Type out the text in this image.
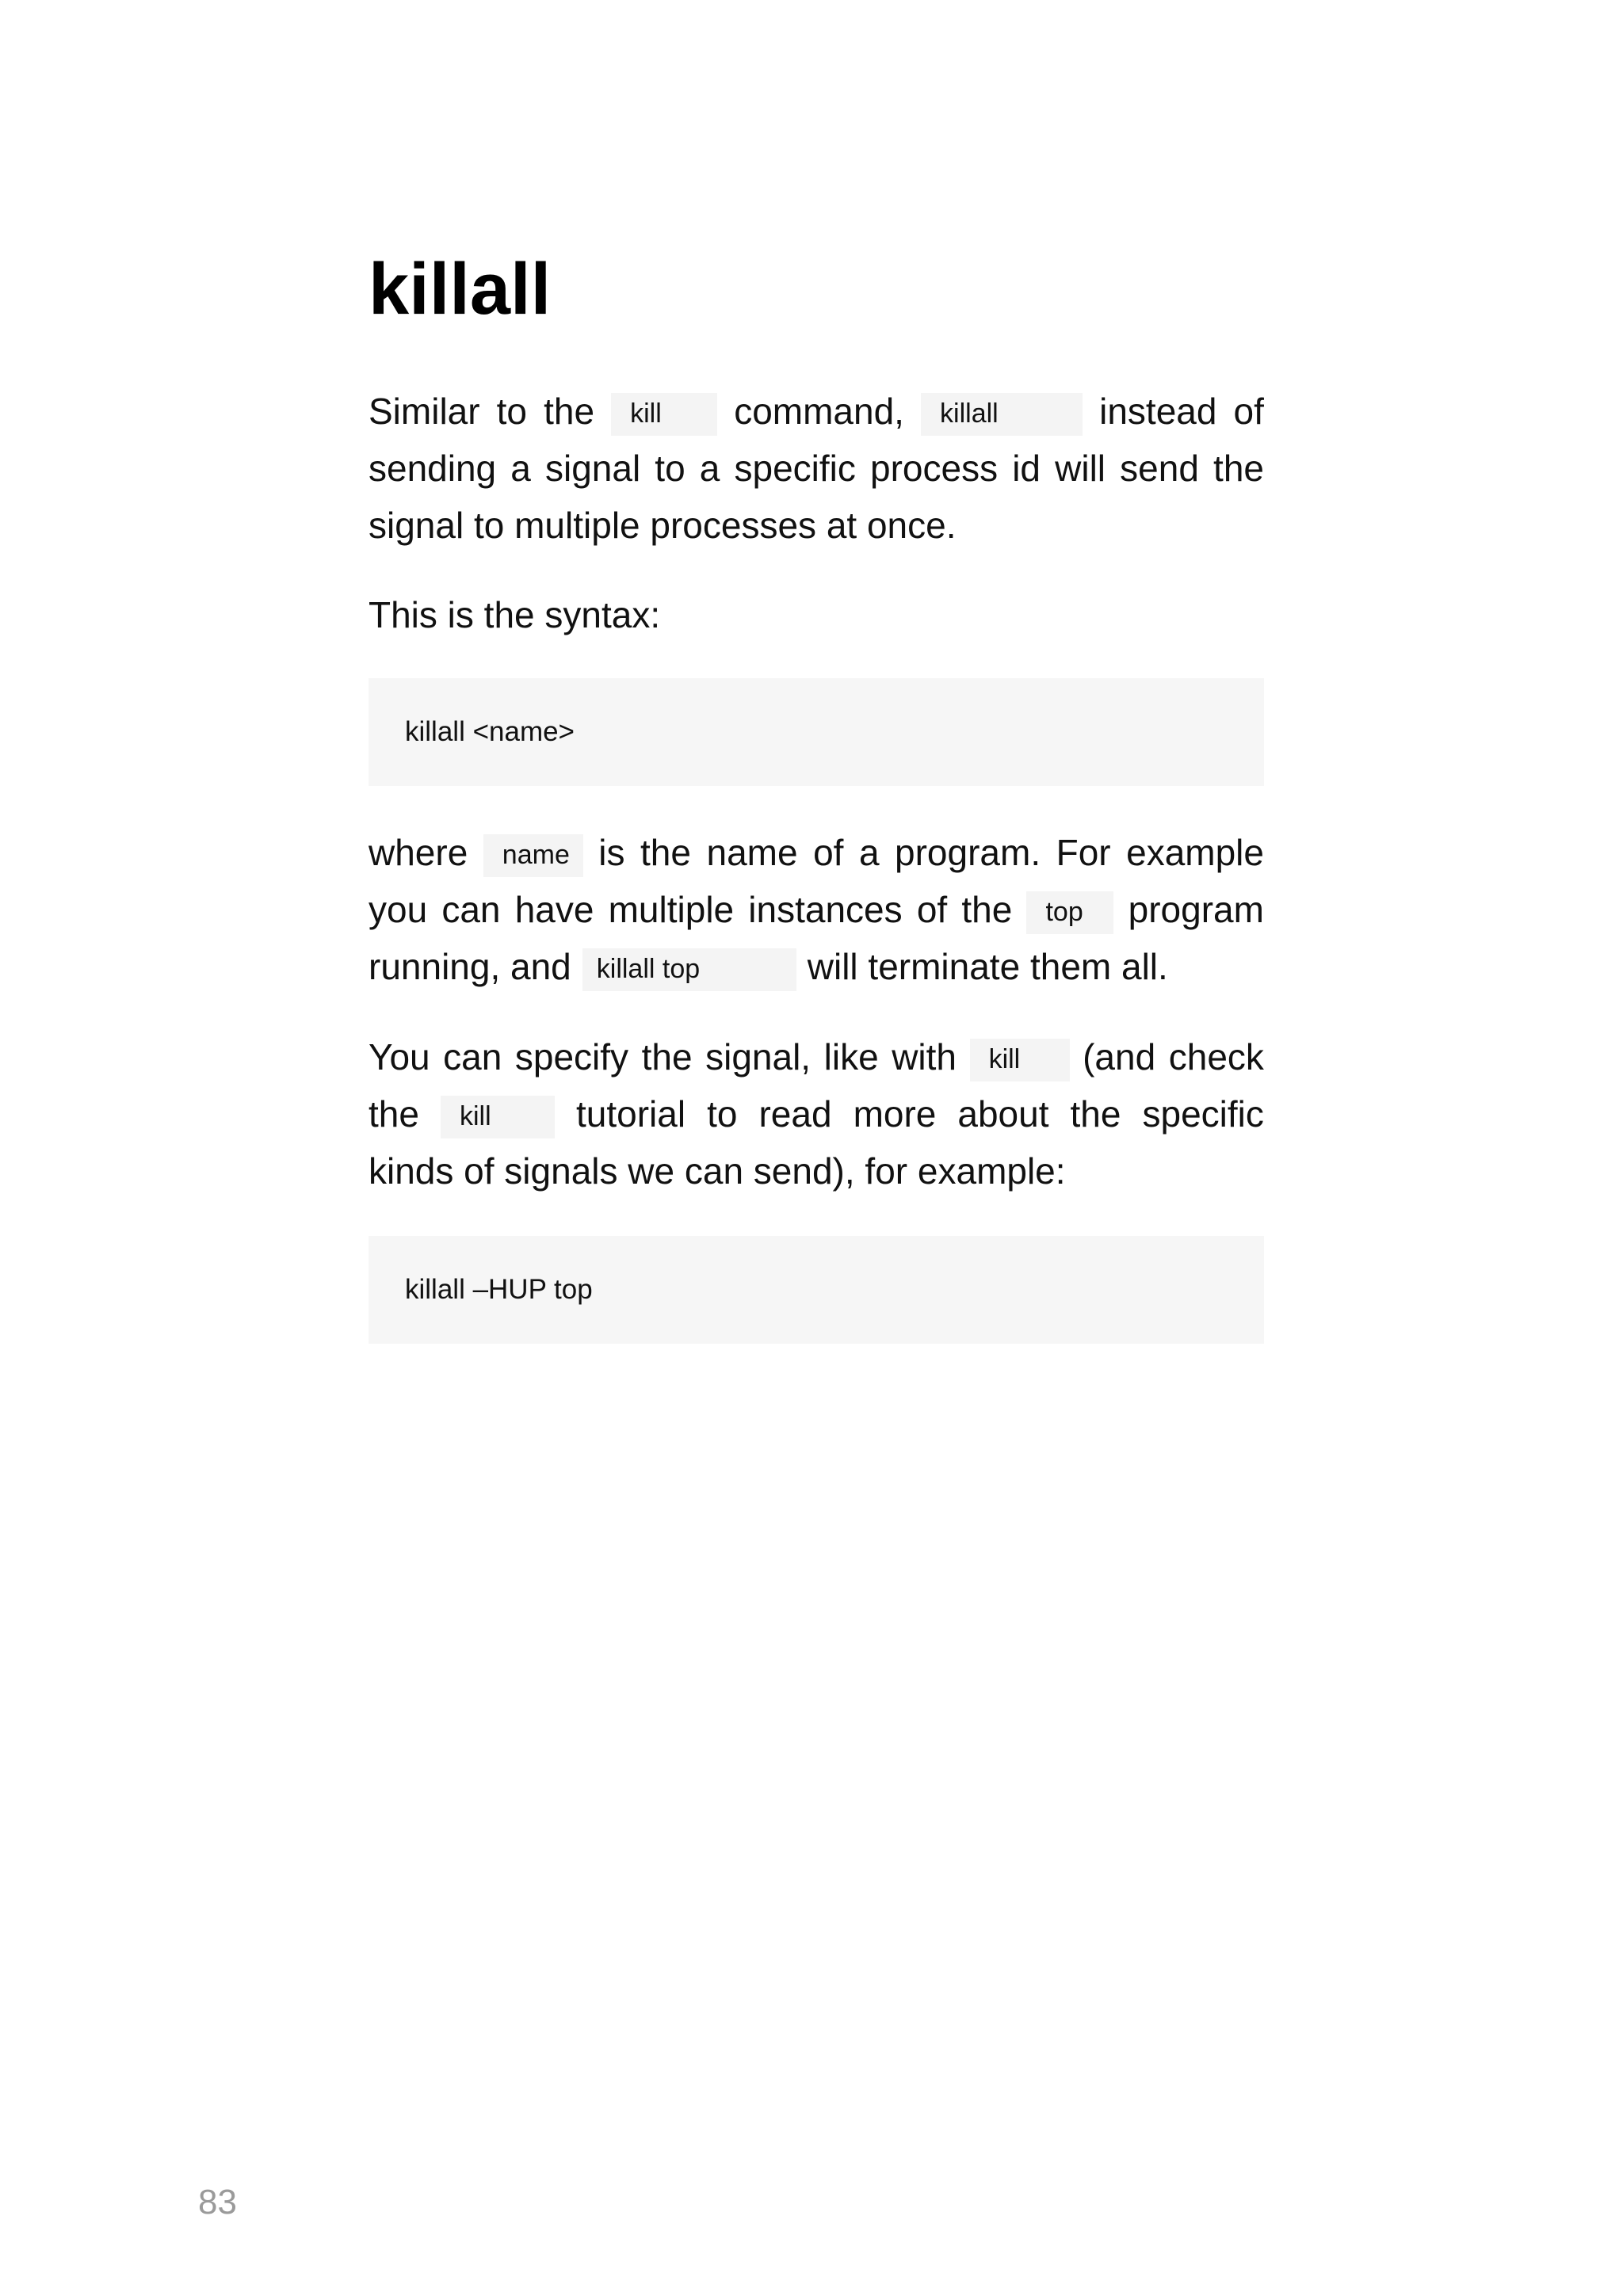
killall
Similar to the	kill	command,	killall	instead of
sending a signal to a specific process id will send the
signal to multiple processes at once.
This is the syntax:
killall <name>
where	name is the name of a program. For example
you can have multiple instances of the	top	program
running, and killall top	will terminate them all.
You can specify the signal, like with	kill	(and check
the	kill	tutorial to read more about the specific
kinds of signals we can send), for example:
killall –HUP top
83
